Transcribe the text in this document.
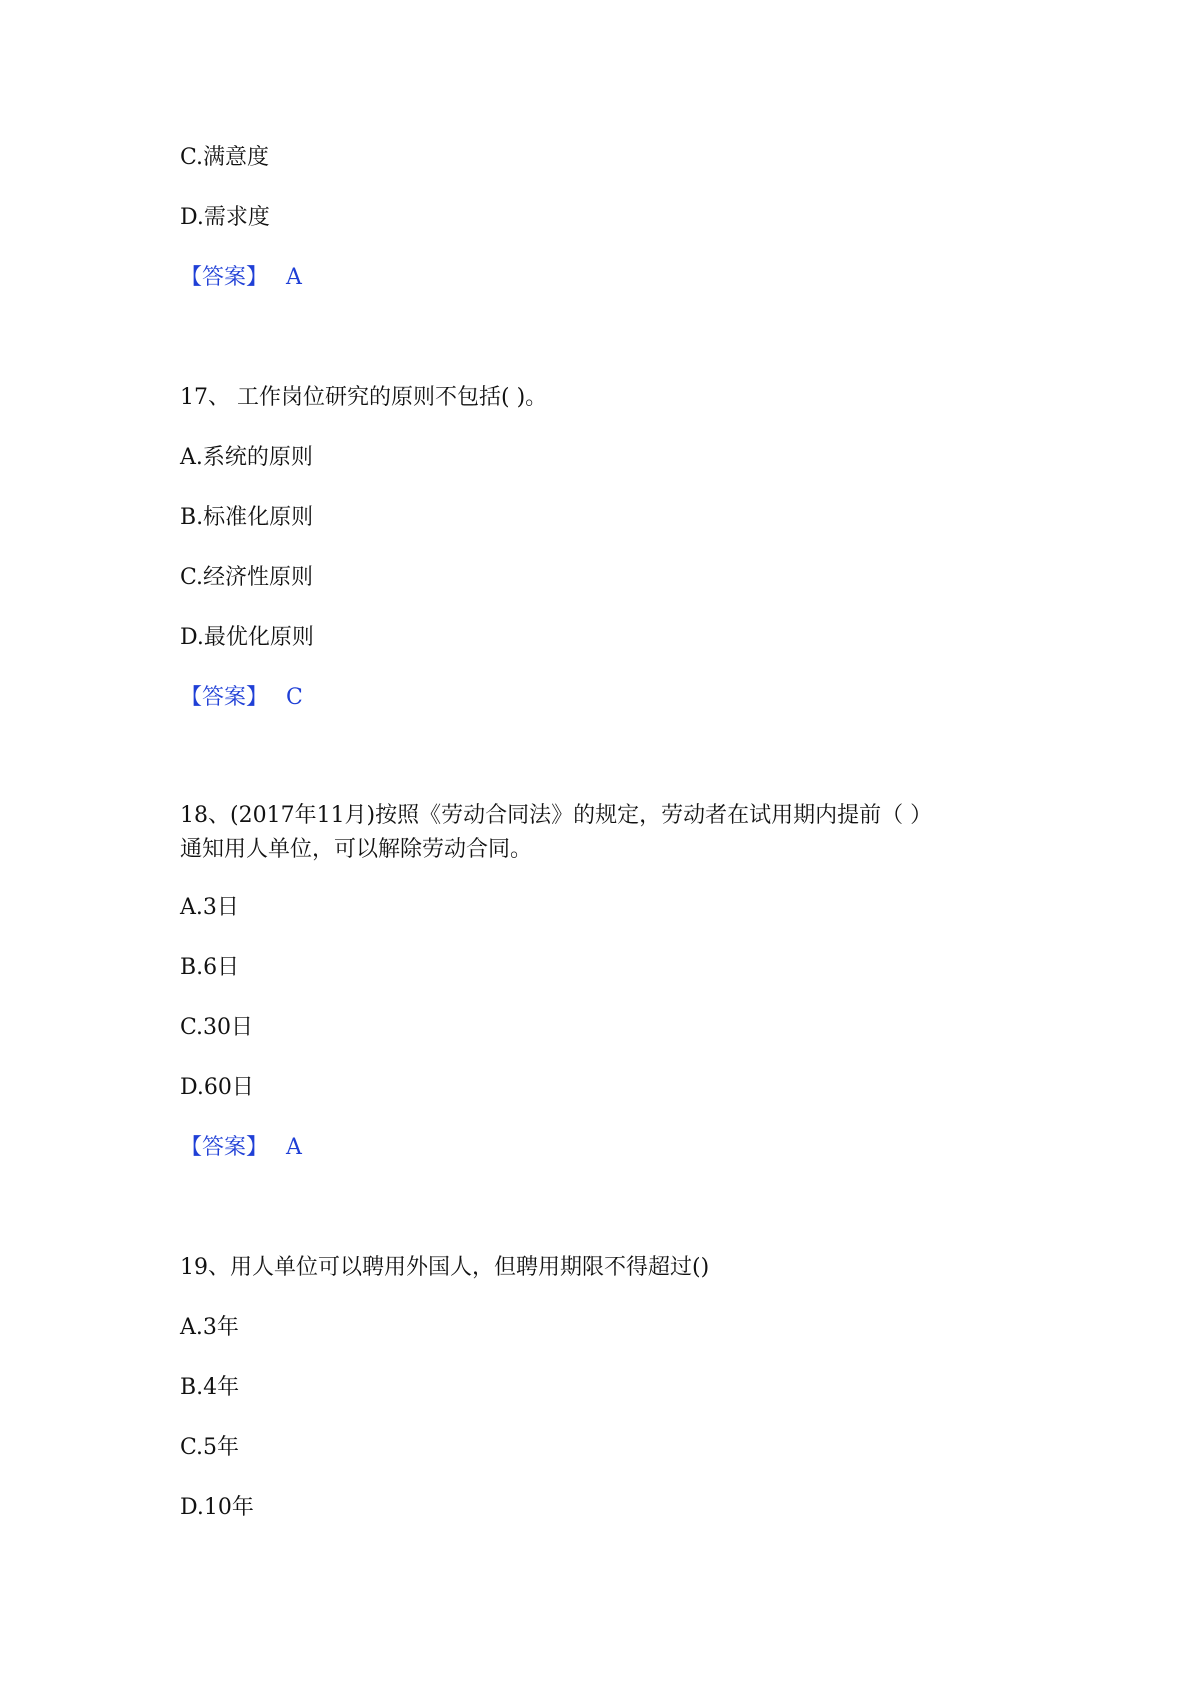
C.满意度
D.需求度
【答案】 A
17、 工作岗位研究的原则不包括( )。
A.系统的原则
B.标准化原则
C.经济性原则
D.最优化原则
【答案】 C
18、(2017年11月)按照《劳动合同法》的规定，劳动者在试用期内提前（ ）
通知用人单位，可以解除劳动合同。
A.3日
B.6日
C.30日
D.60日
【答案】 A
19、用人单位可以聘用外国人，但聘用期限不得超过()
A.3年
B.4年
C.5年
D.10年
